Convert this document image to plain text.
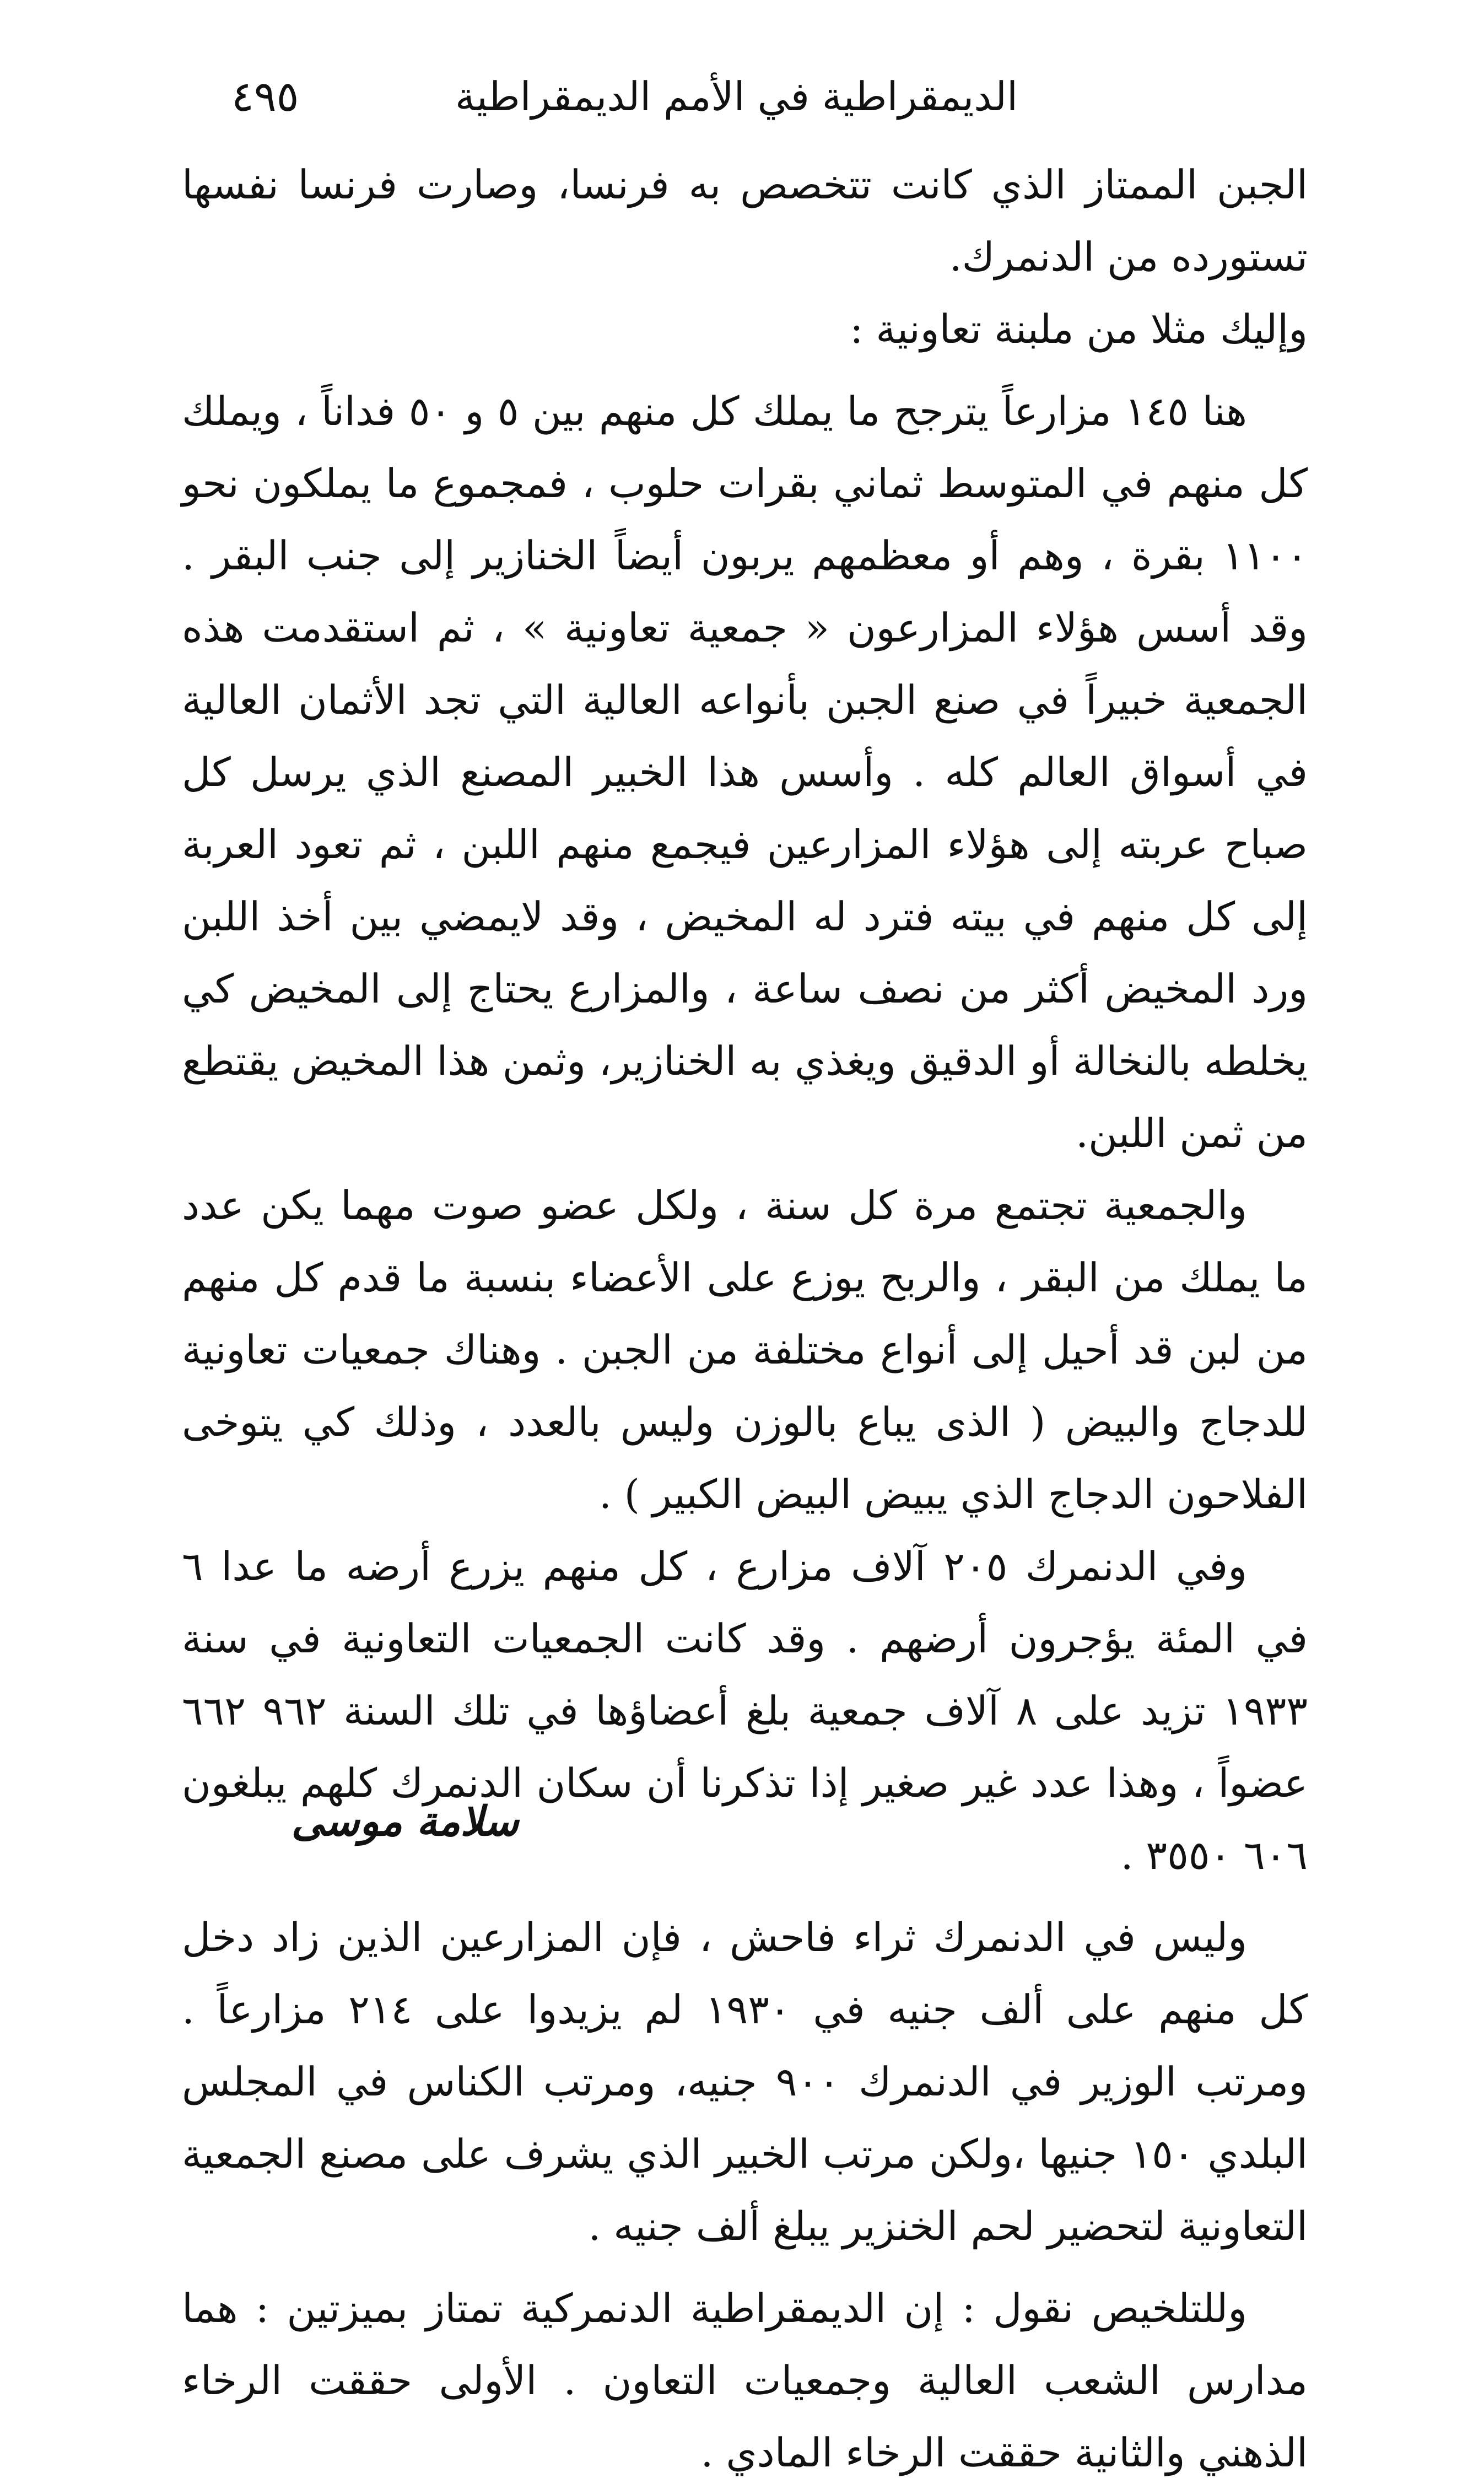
الديمقراطية في الأمم الديمقراطية
٤٩٥

الجبن الممتاز الذي كانت تتخصص به فرنسا، وصارت فرنسا نفسها تستورده من الدنمرك.

وإليك مثلا من ملبنة تعاونية :

هنا ١٤٥ مزارعاً يترجح ما يملك كل منهم بين ٥ و ٥٠ فداناً ، ويملك كل منهم في المتوسط ثماني بقرات حلوب ، فمجموع ما يملكون نحو ١١٠٠ بقرة ، وهم أو معظمهم يربون أيضاً الخنازير إلى جنب البقر . وقد أسس هؤلاء المزارعون « جمعية تعاونية » ، ثم استقدمت هذه الجمعية خبيراً في صنع الجبن بأنواعه العالية التي تجد الأثمان العالية في أسواق العالم كله . وأسس هذا الخبير المصنع الذي يرسل كل صباح عربته إلى هؤلاء المزارعين فيجمع منهم اللبن ، ثم تعود العربة إلى كل منهم في بيته فترد له المخيض ، وقد لايمضي بين أخذ اللبن ورد المخيض أكثر من نصف ساعة ، والمزارع يحتاج إلى المخيض كي يخلطه بالنخالة أو الدقيق ويغذي به الخنازير، وثمن هذا المخيض يقتطع من ثمن اللبن.

والجمعية تجتمع مرة كل سنة ، ولكل عضو صوت مهما يكن عدد ما يملك من البقر ، والربح يوزع على الأعضاء بنسبة ما قدم كل منهم من لبن قد أحيل إلى أنواع مختلفة من الجبن . وهناك جمعيات تعاونية للدجاج والبيض ( الذى يباع بالوزن وليس بالعدد ، وذلك كي يتوخى الفلاحون الدجاج الذي يبيض البيض الكبير ) .

وفي الدنمرك ٢٠٥ آلاف مزارع ، كل منهم يزرع أرضه ما عدا ٦ في المئة يؤجرون أرضهم . وقد كانت الجمعيات التعاونية في سنة ١٩٣٣ تزيد على ٨ آلاف جمعية بلغ أعضاؤها في تلك السنة ٩٦٢ ٦٦٢ عضواً ، وهذا عدد غير صغير إذا تذكرنا أن سكان الدنمرك كلهم يبلغون ٦٠٦ ٣٥٥٠ .

وليس في الدنمرك ثراء فاحش ، فإن المزارعين الذين زاد دخل كل منهم على ألف جنيه في ١٩٣٠ لم يزيدوا على ٢١٤ مزارعاً . ومرتب الوزير في الدنمرك ٩٠٠ جنيه، ومرتب الكناس في المجلس البلدي ١٥٠ جنيها ،ولكن مرتب الخبير الذي يشرف على مصنع الجمعية التعاونية لتحضير لحم الخنزير يبلغ ألف جنيه .

وللتلخيص نقول : إن الديمقراطية الدنمركية تمتاز بميزتين : هما مدارس الشعب العالية وجمعيات التعاون . الأولى حققت الرخاء الذهني والثانية حققت الرخاء المادي .

سلامة موسى
